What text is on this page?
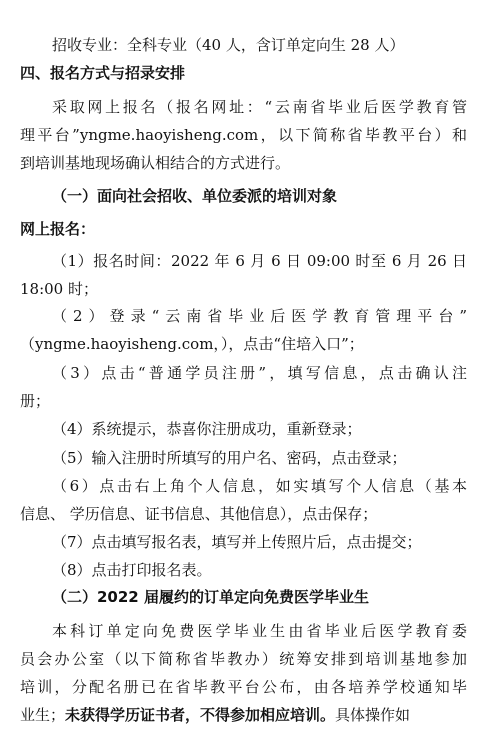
招收专业：全科专业（40 人，含订单定向生 28 人）
四、报名方式与招录安排
采取网上报名（报名网址：“云南省毕业后医学教育管
理平台”yngme.haoyisheng.com，以下简称省毕教平台）和
到培训基地现场确认相结合的方式进行。
（一）面向社会招收、单位委派的培训对象
网上报名：
（1）报名时间：2022 年 6 月 6 日 09:00 时至 6 月 26 日
18:00 时；
（2）登录“云南省毕业后医学教育管理平台”
（yngme.haoyisheng.com，），点击“住培入口”；
（3）点击“普通学员注册”，填写信息，点击确认注
册；
（4）系统提示，恭喜你注册成功，重新登录；
（5）输入注册时所填写的用户名、密码，点击登录；
（6）点击右上角个人信息，如实填写个人信息（基本
信息、 学历信息、证书信息、其他信息），点击保存；
（7）点击填写报名表，填写并上传照片后，点击提交；
（8）点击打印报名表。
（二）2022 届履约的订单定向免费医学毕业生
本科订单定向免费医学毕业生由省毕业后医学教育委
员会办公室（以下简称省毕教办）统筹安排到培训基地参加
培训，分配名册已在省毕教平台公布，由各培养学校通知毕
业生；未获得学历证书者，不得参加相应培训。具体操作如
